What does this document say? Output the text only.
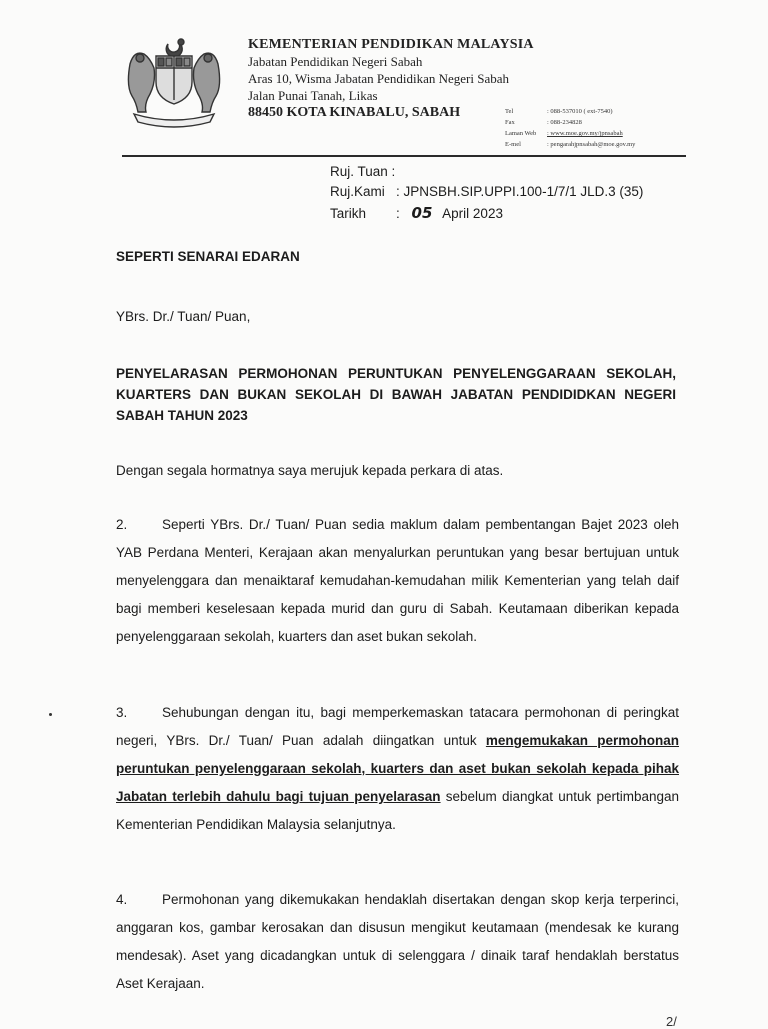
KEMENTERIAN PENDIDIKAN MALAYSIA
Jabatan Pendidikan Negeri Sabah
Aras 10, Wisma Jabatan Pendidikan Negeri Sabah
Jalan Punai Tanah, Likas
88450 KOTA KINABALU, SABAH	Tel	: 088-537010 ( ext-7540)
Fax	: 088-234828
Laman Web	: www.moe.gov.my/jpnsabah
E-mel	: pengarahjpnsabah@moe.gov.my
Ruj. Tuan :
Ruj.Kami : JPNSBH.SIP.UPPI.100-1/7/1 JLD.3 (35)
Tarikh : 05 April 2023
SEPERTI SENARAI EDARAN
YBrs. Dr./ Tuan/ Puan,
PENYELARASAN PERMOHONAN PERUNTUKAN PENYELENGGARAAN SEKOLAH, KUARTERS DAN BUKAN SEKOLAH DI BAWAH JABATAN PENDIDIDKAN NEGERI SABAH TAHUN 2023
Dengan segala hormatnya saya merujuk kepada perkara di atas.
2.	Seperti YBrs. Dr./ Tuan/ Puan sedia maklum dalam pembentangan Bajet 2023 oleh YAB Perdana Menteri, Kerajaan akan menyalurkan peruntukan yang besar bertujuan untuk menyelenggara dan menaiktaraf kemudahan-kemudahan milik Kementerian yang telah daif bagi memberi keselesaan kepada murid dan guru di Sabah. Keutamaan diberikan kepada penyelenggaraan sekolah, kuarters dan aset bukan sekolah.
3.	Sehubungan dengan itu, bagi memperkemaskan tatacara permohonan di peringkat negeri, YBrs. Dr./ Tuan/ Puan adalah diingatkan untuk mengemukakan permohonan peruntukan penyelenggaraan sekolah, kuarters dan aset bukan sekolah kepada pihak Jabatan terlebih dahulu bagi tujuan penyelarasan sebelum diangkat untuk pertimbangan Kementerian Pendidikan Malaysia selanjutnya.
4.	Permohonan yang dikemukakan hendaklah disertakan dengan skop kerja terperinci, anggaran kos, gambar kerosakan dan disusun mengikut keutamaan (mendesak ke kurang mendesak). Aset yang dicadangkan untuk di selenggara / dinaik taraf hendaklah berstatus Aset Kerajaan.
2/
